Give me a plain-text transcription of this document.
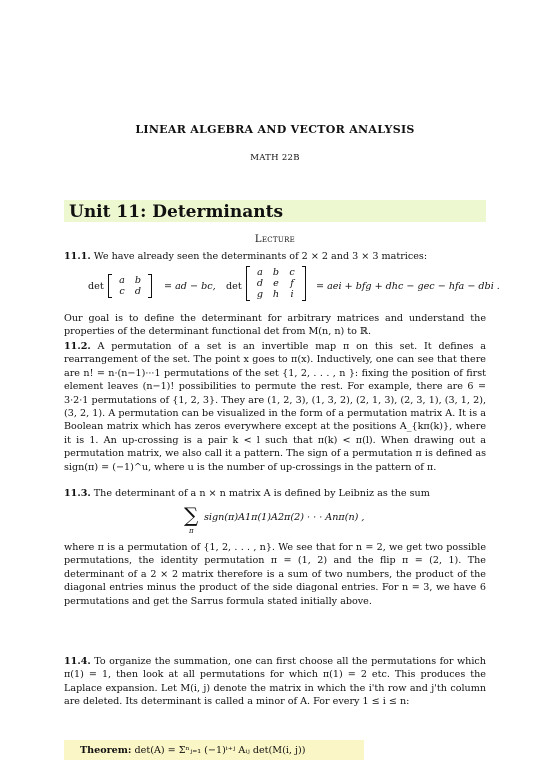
LINEAR ALGEBRA AND VECTOR ANALYSIS
MATH 22B
Unit 11: Determinants
Lecture
11.1. We have already seen the determinants of 2 × 2 and 3 × 3 matrices:
det
a b
c d	= ad − bc, det
a b c
d e f
g h i
= aei + bfg + dhc − gec − hfa − dbi .
Our goal is to define the determinant for arbitrary matrices and understand the properties of the determinant functional det from M(n, n) to ℝ.
11.2. A permutation of a set is an invertible map π on this set. It defines a rearrangement of the set. The point x goes to π(x). Inductively, one can see that there are n! = n·(n−1)···1 permutations of the set {1, 2, . . . , n }: fixing the position of first element leaves (n−1)! possibilities to permute the rest. For example, there are 6 = 3·2·1 permutations of {1, 2, 3}. They are (1, 2, 3), (1, 3, 2), (2, 1, 3), (2, 3, 1), (3, 1, 2), (3, 2, 1). A permutation can be visualized in the form of a permutation matrix A. It is a Boolean matrix which has zeros everywhere except at the positions A_{kπ(k)}, where it is 1. An up-crossing is a pair k < l such that π(k) < π(l). When drawing out a permutation matrix, we also call it a pattern. The sign of a permutation π is defined as sign(π) = (−1)^u, where u is the number of up-crossings in the pattern of π.
11.3. The determinant of a n × n matrix A is defined by Leibniz as the sum
∑
π
sign(π)A1π(1)A2π(2) · · · Anπ(n) ,
where π is a permutation of {1, 2, . . . , n}. We see that for n = 2, we get two possible permutations, the identity permutation π = (1, 2) and the flip π = (2, 1). The determinant of a 2 × 2 matrix therefore is a sum of two numbers, the product of the diagonal entries minus the product of the side diagonal entries. For n = 3, we have 6 permutations and get the Sarrus formula stated initially above.
11.4. To organize the summation, one can first choose all the permutations for which π(1) = 1, then look at all permutations for which π(1) = 2 etc. This produces the Laplace expansion. Let M(i, j) denote the matrix in which the i'th row and j'th column are deleted. Its determinant is called a minor of A. For every 1 ≤ i ≤ n:
Theorem: det(A) = Σⁿⱼ₌₁ (−1)ⁱ⁺ʲ Aᵢⱼ det(M(i, j))
